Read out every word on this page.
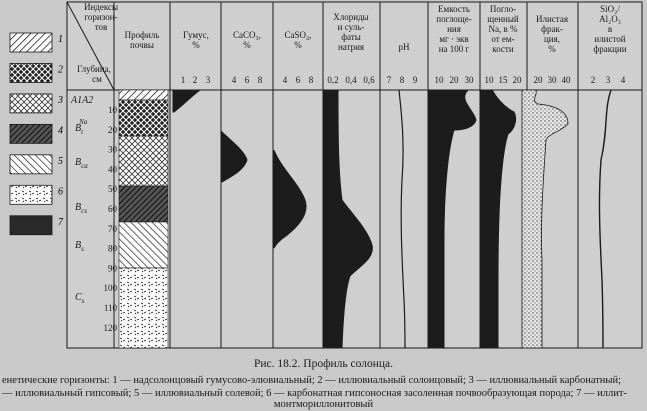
1
2
3
4
5
6
7
Индексы горизон-тов
Глубина, см
Профиль почвы
Гумус, %
CaCO₃, %
CaSO₄, %
Хлориды и суль-фаты натрия	pH
Емкость поглоще-ния мг · экв на 100 г
Погло-щенный Na, в % от ем-кости
Илистая фрак-ция, %
SiO₂/ Al₂O₃ в илистой фракции
1 2 3 4 6 8 4 6 8 0,2 0,4 0,6 7 8 9 10 20 30 10 15 20 20 30 40 2 3 4
A1A2
$B_tNa$
$B_{ca}$
$B_{cs}$
$B_s$
$C_s$
10
20
30
40
50
60
70
80
90
100
110
120
Рис. 18.2. Профиль солонца.
енетические горизонты: 1 — надсолонцовый гумусово-элювиальный; 2 — иллювиальный солонцовый; 3 — иллювиальный карбонатный;
— иллювиальный гипсовый; 5 — иллювиальный солевой; 6 — карбонатная гипсоносная засоленная почвообразующая порода; 7 — иллит-
монтмориллонитовый
